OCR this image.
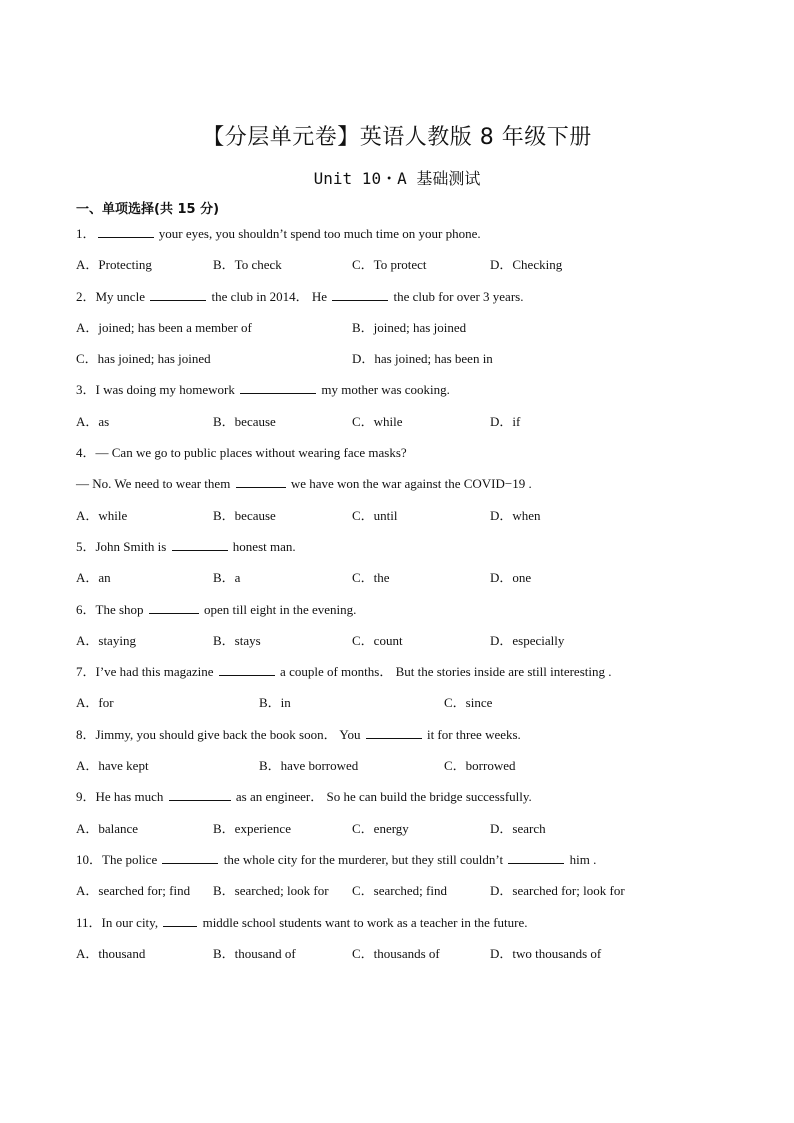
【分层单元卷】英语人教版 8 年级下册
Unit 10・A 基础测试
一、单项选择(共 15 分)
1．	your eyes, you shouldn’t spend too much time on your phone.
A．Protecting	B．To check	C．To protect	D．Checking
2．My uncle	the club in 2014． He	the club for over 3 years.
A．joined; has been a member of	B．joined; has joined
C．has joined; has joined	D．has joined; has been in
3．I was doing my homework	my mother was cooking.
A．as	B．because	C．while	D．if
4．— Can we go to public places without wearing face masks?
— No. We need to wear them	we have won the war against the COVID−19 .
A．while	B．because	C．until	D．when
5．John Smith is	honest man.
A．an	B．a	C．the	D．one
6．The shop	open till eight in the evening.
A．staying	B．stays	C．count	D．especially
7．I’ve had this magazine	a couple of months． But the stories inside are still interesting .
A．for	B．in	C．since
8．Jimmy, you should give back the book soon． You	it for three weeks.
A．have kept	B．have borrowed	C．borrowed
9．He has much	as an engineer． So he can build the bridge successfully.
A．balance	B．experience	C．energy	D．search
10．The police	the whole city for the murderer, but they still couldn’t	him .
A．searched for; find B．searched; look for C．searched; find	D．searched for; look for
11．In our city,	middle school students want to work as a teacher in the future.
A．thousand	B．thousand of	C．thousands of	D．two thousands of
